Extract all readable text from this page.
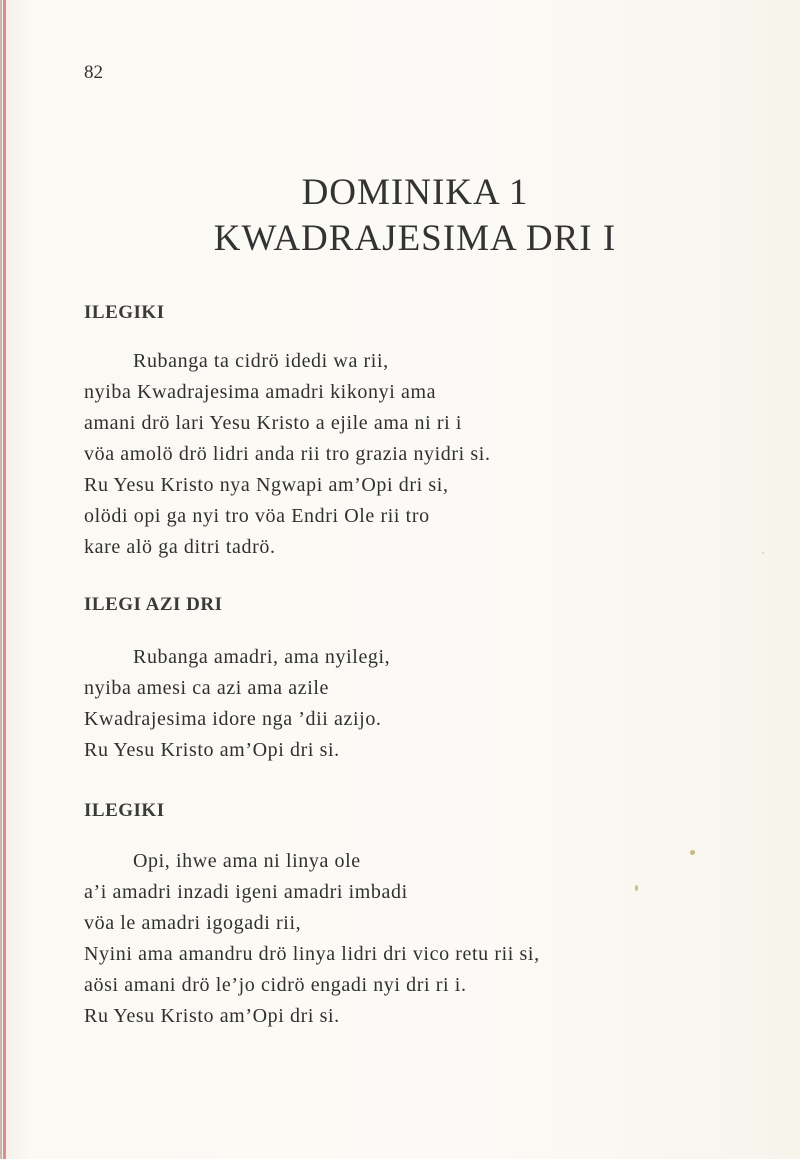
82
DOMINIKA 1
KWADRAJESIMA DRI I
ILEGIKI
Rubanga ta cidrö idedi wa rii,
nyiba Kwadrajesima amadri kikonyi ama
amani drö lari Yesu Kristo a ejile ama ni ri i
vöa amolö drö lidri anda rii tro grazia nyidri si.
Ru Yesu Kristo nya Ngwapi am’Opi dri si,
olödi opi ga nyi tro vöa Endri Ole rii tro
kare alö ga ditri tadrö.
ILEGI AZI DRI
Rubanga amadri, ama nyilegi,
nyiba amesi ca azi ama azile
Kwadrajesima idore nga ’dii azijo.
Ru Yesu Kristo am’Opi dri si.
ILEGIKI
Opi, ihwe ama ni linya ole
a’i amadri inzadi igeni amadri imbadi
vöa le amadri igogadi rii,
Nyini ama amandru drö linya lidri dri vico retu rii si,
aösi amani drö le’jo cidrö engadi nyi dri ri i.
Ru Yesu Kristo am’Opi dri si.
